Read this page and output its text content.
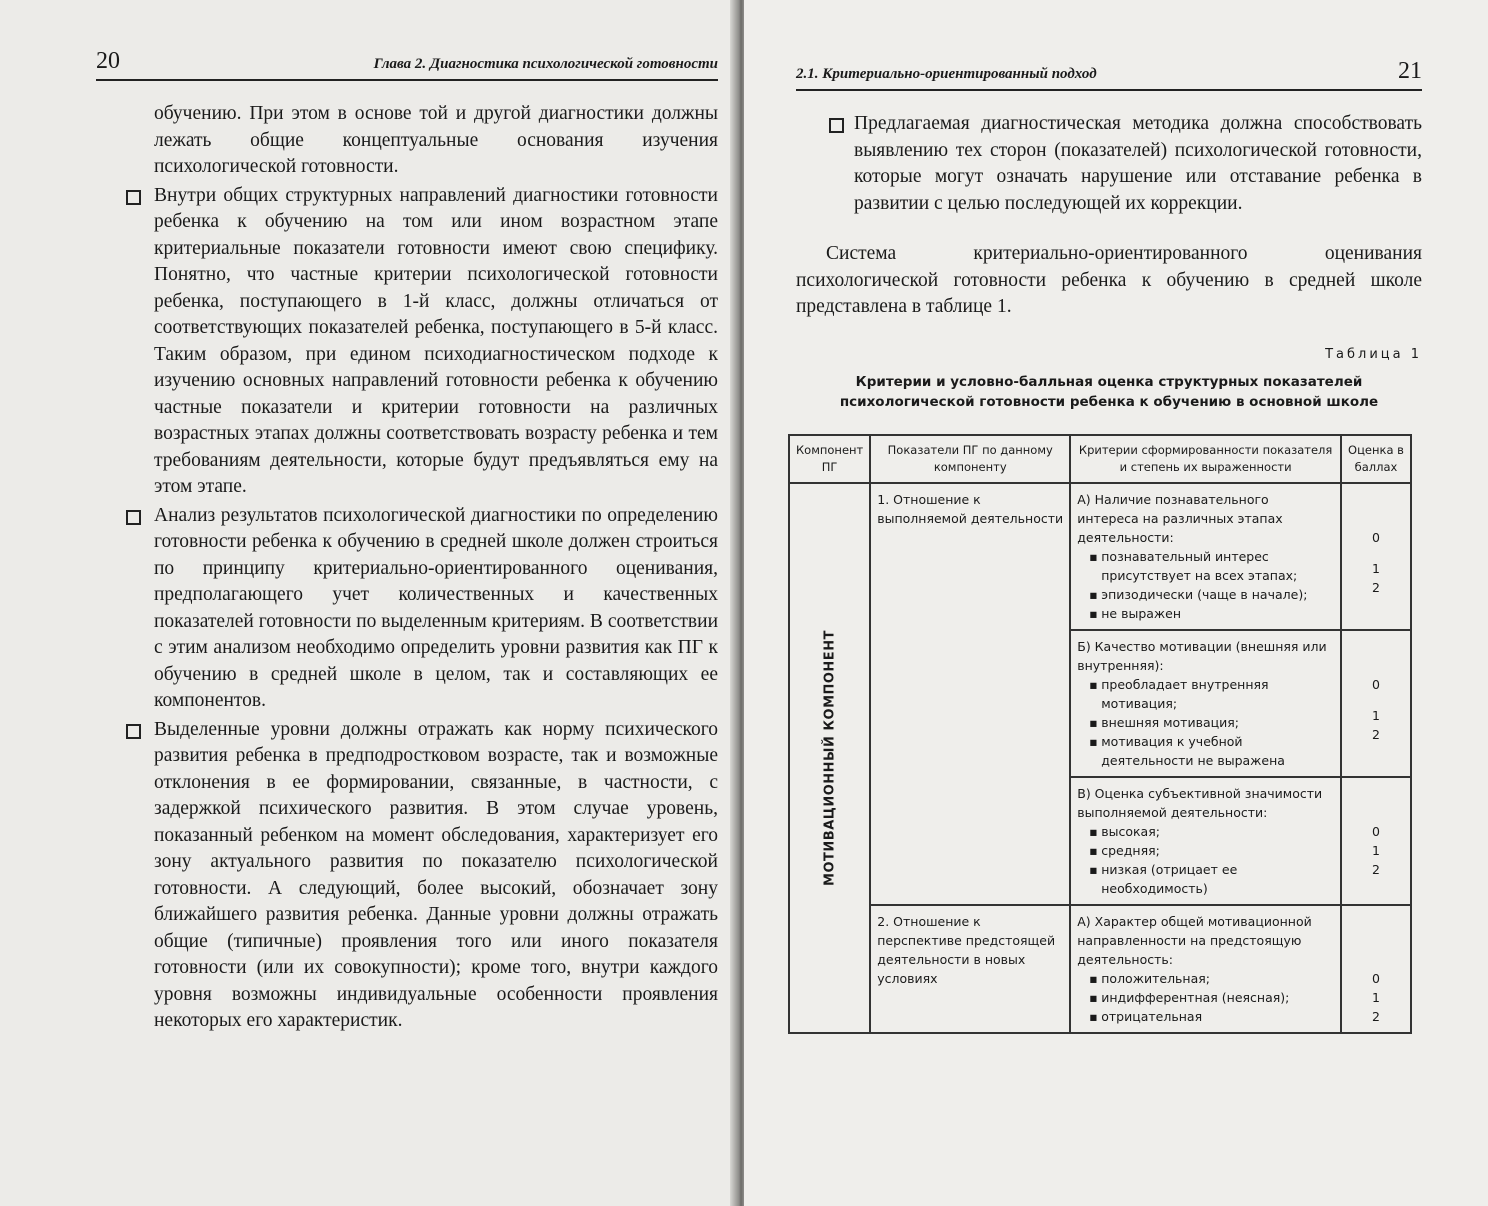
20	Глава 2. Диагностика психологической готовности

обучению. При этом в основе той и другой диагностики должны лежать общие концептуальные основания изучения психологической готовности.

Внутри общих структурных направлений диагностики готовности ребенка к обучению на том или ином возрастном этапе критериальные показатели готовности имеют свою специфику. Понятно, что частные критерии психологической готовности ребенка, поступающего в 1-й класс, должны отличаться от соответствующих показателей ребенка, поступающего в 5-й класс. Таким образом, при едином психодиагностическом подходе к изучению основных направлений готовности ребенка к обучению частные показатели и критерии готовности на различных возрастных этапах должны соответствовать возрасту ребенка и тем требованиям деятельности, которые будут предъявляться ему на этом этапе.

Анализ результатов психологической диагностики по определению готовности ребенка к обучению в средней школе должен строиться по принципу критериально-ориентированного оценивания, предполагающего учет количественных и качественных показателей готовности по выделенным критериям. В соответствии с этим анализом необходимо определить уровни развития как ПГ к обучению в средней школе в целом, так и составляющих ее компонентов.

Выделенные уровни должны отражать как норму психического развития ребенка в предподростковом возрасте, так и возможные отклонения в ее формировании, связанные, в частности, с задержкой психического развития. В этом случае уровень, показанный ребенком на момент обследования, характеризует его зону актуального развития по показателю психологической готовности. А следующий, более высокий, обозначает зону ближайшего развития ребенка. Данные уровни должны отражать общие (типичные) проявления того или иного показателя готовности (или их совокупности); кроме того, внутри каждого уровня возможны индивидуальные особенности проявления некоторых его характеристик.

2.1. Критериально-ориентированный подход	21

Предлагаемая диагностическая методика должна способствовать выявлению тех сторон (показателей) психологической готовности, которые могут означать нарушение или отставание ребенка в развитии с целью последующей их коррекции.

Система критериально-ориентированного оценивания психологической готовности ребенка к обучению в средней школе представлена в таблице 1.

Таблица 1
Критерии и условно-балльная оценка структурных показателей
психологической готовности ребенка к обучению в основной школе
Компонент ПГ	Показатели ПГ по данному компоненту	Критерии сформированности показателя и степень их выраженности	Оценка в баллах

МОТИВАЦИОННЫЙ КОМПОНЕНТ	1. Отношение к выполняемой деятельности	А) Наличие познавательного интереса на различных этапах деятельности:
▪ познавательный интерес присутствует на всех этапах;
▪ эпизодически (чаще в начале);
▪ не выражен	0
1
2

		Б) Качество мотивации (внешняя или внутренняя):
▪ преобладает внутренняя мотивация;
▪ внешняя мотивация;
▪ мотивация к учебной деятельности не выражена	0
1
2

		В) Оценка субъективной значимости выполняемой деятельности:
▪ высокая;
▪ средняя;
▪ низкая (отрицает ее необходимость)	0
1
2

	2. Отношение к перспективе предстоящей деятельности в новых условиях	А) Характер общей мотивационной направленности на предстоящую деятельность:
▪ положительная;
▪ индифферентная (неясная);
▪ отрицательная	0
1
2
